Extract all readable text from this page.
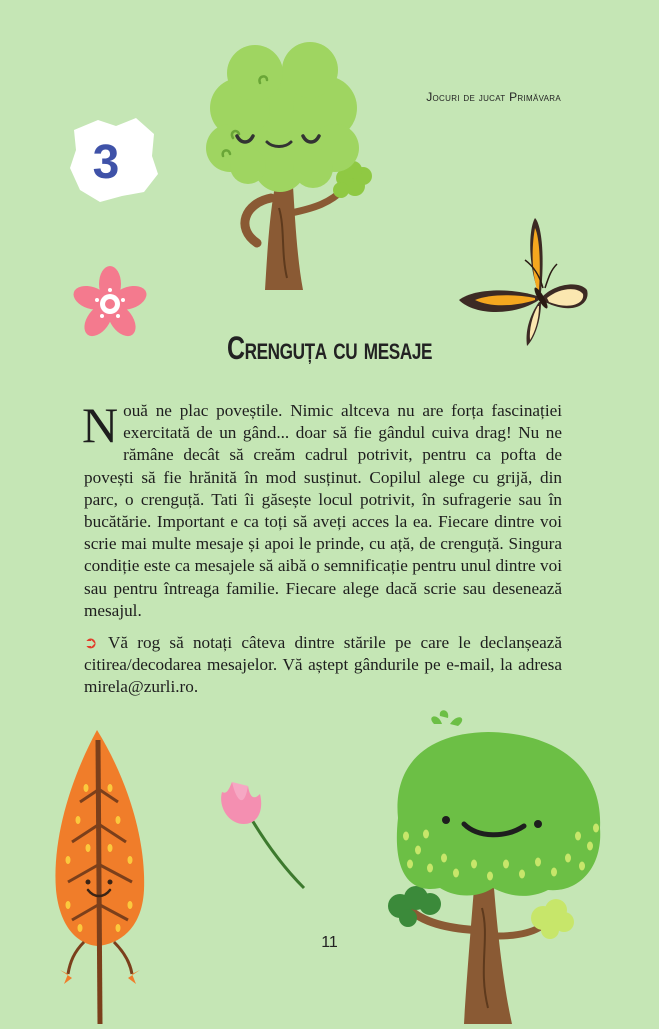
Jocuri de jucat Primăvara
3
Crenguța cu mesaje

Nouă ne plac poveștile. Nimic altceva nu are forța fascinației exercitată de un gând... doar să fie gândul cuiva drag! Nu ne rămâne decât să creăm cadrul potrivit, pentru ca pofta de povești să fie hrănită în mod susținut. Copilul alege cu grijă, din parc, o crenguță. Tati îi găsește locul potrivit, în sufragerie sau în bucătărie. Important e ca toți să aveți acces la ea. Fiecare dintre voi scrie mai multe mesaje și apoi le prinde, cu ață, de crenguță. Singura condiție este ca mesajele să aibă o semnificație pentru unul dintre voi sau pentru întreaga familie. Fiecare alege dacă scrie sau desenează mesajul.

➲ Vă rog să notați câteva dintre stările pe care le declanșează citirea/decodarea mesajelor. Vă aștept gândurile pe e-mail, la adresa mirela@zurli.ro.

11
